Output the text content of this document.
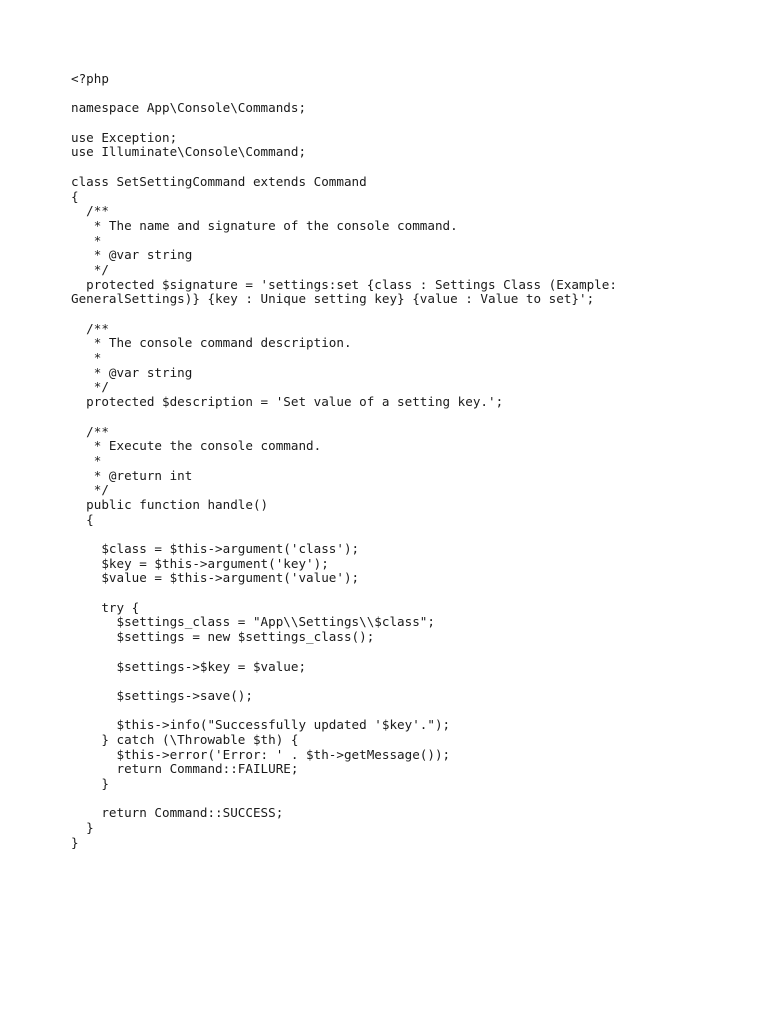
<?php
namespace App\Console\Commands;
use Exception;
use Illuminate\Console\Command;
class SetSettingCommand extends Command
{
/**
* The name and signature of the console command.
*
* @var string
*/
protected $signature = 'settings:set {class : Settings Class (Example:
GeneralSettings)} {key : Unique setting key} {value : Value to set}';
/**
* The console command description.
*
* @var string
*/
protected $description = 'Set value of a setting key.';
/**
* Execute the console command.
*
* @return int
*/
public function handle()
{
$class = $this->argument('class');
$key = $this->argument('key');
$value = $this->argument('value');
try {
$settings_class = "App\\Settings\\$class";
$settings = new $settings_class();
$settings->$key = $value;
$settings->save();
$this->info("Successfully updated '$key'.");
} catch (\Throwable $th) {
$this->error('Error: ' . $th->getMessage());
return Command::FAILURE;
}
return Command::SUCCESS;
}
}
